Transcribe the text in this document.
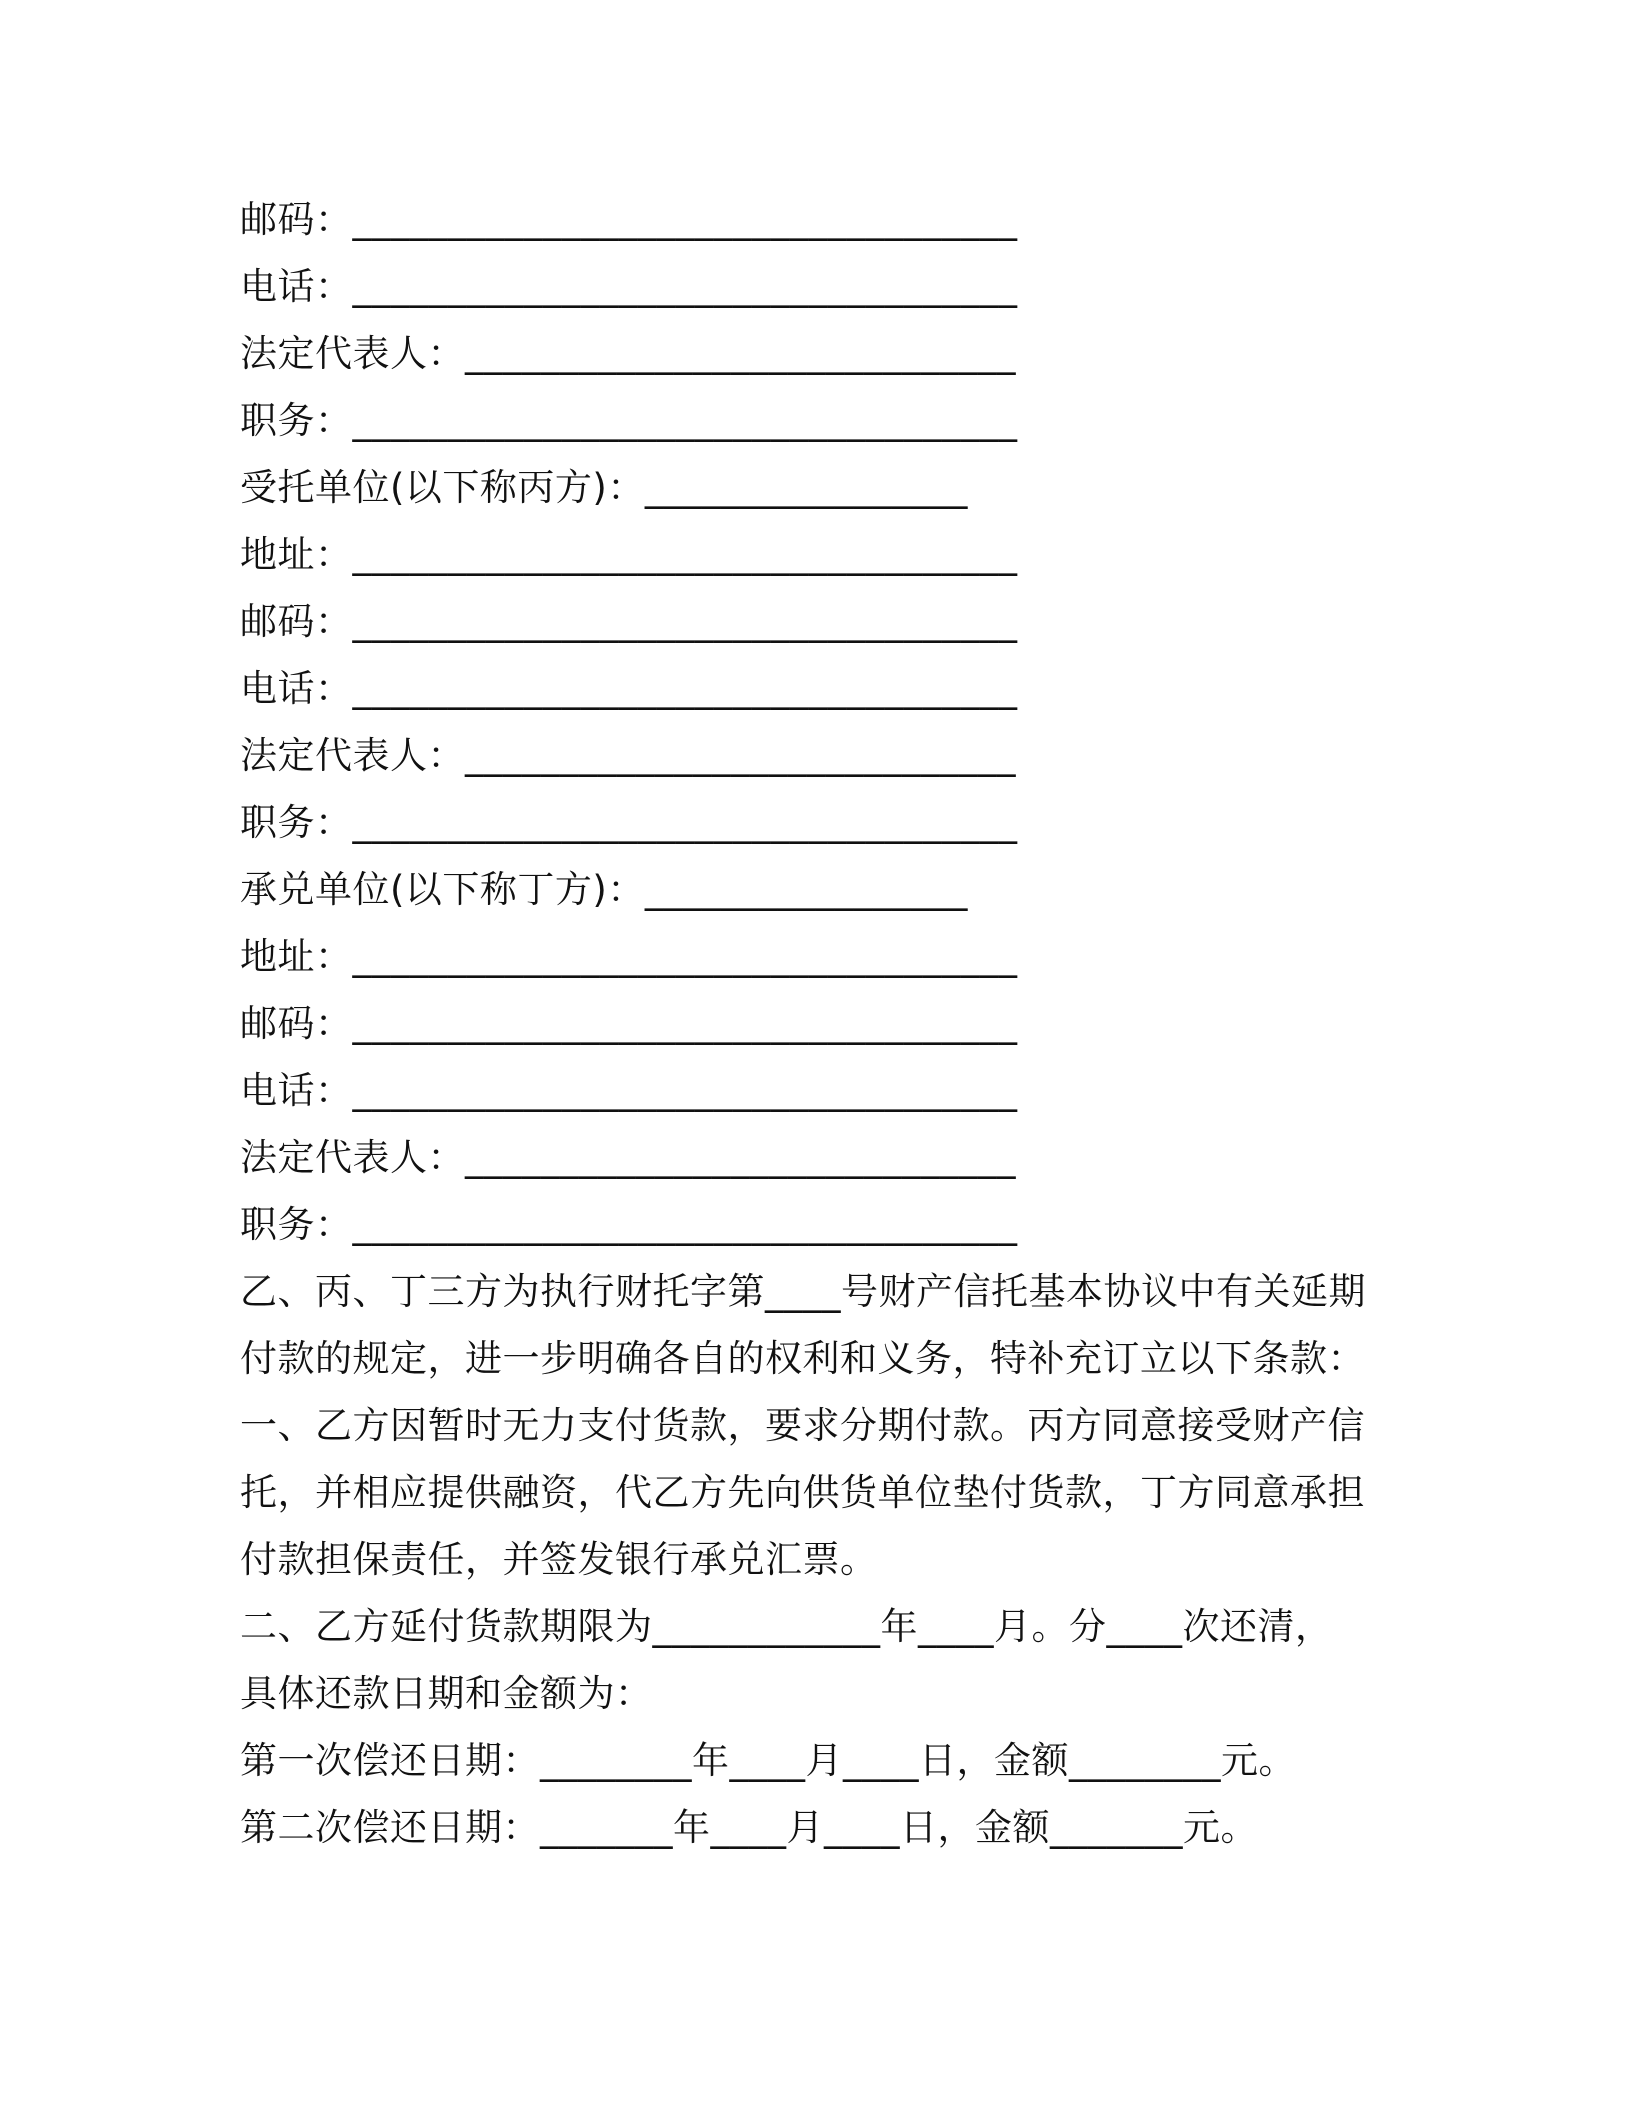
邮码：___________________________________
电话：___________________________________
法定代表人：_____________________________
职务：___________________________________
受托单位(以下称丙方)：_________________
地址：___________________________________
邮码：___________________________________
电话：___________________________________
法定代表人：_____________________________
职务：___________________________________
承兑单位(以下称丁方)：_________________
地址：___________________________________
邮码：___________________________________
电话：___________________________________
法定代表人：_____________________________
职务：___________________________________
乙、丙、丁三方为执行财托字第____号财产信托基本协议中有关延期
付款的规定，进一步明确各自的权利和义务，特补充订立以下条款：
一、乙方因暂时无力支付货款，要求分期付款。丙方同意接受财产信
托，并相应提供融资，代乙方先向供货单位垫付货款，丁方同意承担
付款担保责任，并签发银行承兑汇票。
二、乙方延付货款期限为____________年____月。分____次还清，
具体还款日期和金额为：
第一次偿还日期：________年____月____日，金额________元。
第二次偿还日期：_______年____月____日，金额_______元。
